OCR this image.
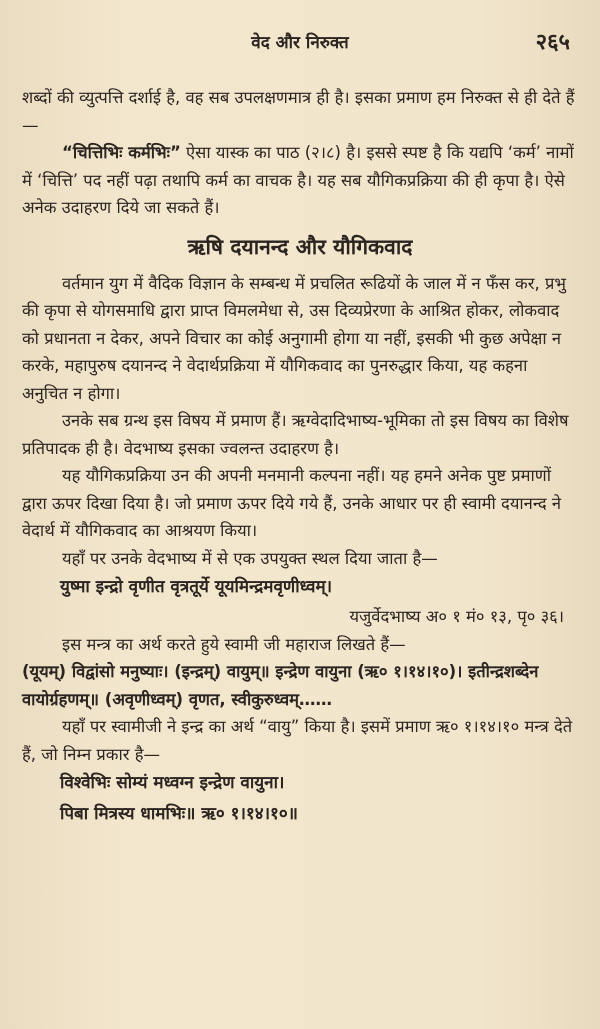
वेद और निरुक्त	२६५

शब्दों की व्युत्पत्ति दर्शाई है, वह सब उपलक्षणमात्र ही है। इसका प्रमाण हम निरुक्त से ही देते हैं—

“चित्तिभिः कर्मभिः” ऐसा यास्क का पाठ (२।८) है। इससे स्पष्ट है कि यद्यपि ‘कर्म’ नामों में ‘चित्ति’ पद नहीं पढ़ा तथापि कर्म का वाचक है। यह सब यौगिकप्रक्रिया की ही कृपा है। ऐसे अनेक उदाहरण दिये जा सकते हैं।

ऋषि दयानन्द और यौगिकवाद

वर्तमान युग में वैदिक विज्ञान के सम्बन्ध में प्रचलित रूढियों के जाल में न फँस कर, प्रभु की कृपा से योगसमाधि द्वारा प्राप्त विमलमेधा से, उस दिव्यप्रेरणा के आश्रित होकर, लोकवाद को प्रधानता न देकर, अपने विचार का कोई अनुगामी होगा या नहीं, इसकी भी कुछ अपेक्षा न करके, महापुरुष दयानन्द ने वेदार्थप्रक्रिया में यौगिकवाद का पुनरुद्धार किया, यह कहना अनुचित न होगा।

उनके सब ग्रन्थ इस विषय में प्रमाण हैं। ऋग्वेदादिभाष्य-भूमिका तो इस विषय का विशेष प्रतिपादक ही है। वेदभाष्य इसका ज्वलन्त उदाहरण है।

यह यौगिकप्रक्रिया उन की अपनी मनमानी कल्पना नहीं। यह हमने अनेक पुष्ट प्रमाणों द्वारा ऊपर दिखा दिया है। जो प्रमाण ऊपर दिये गये हैं, उनके आधार पर ही स्वामी दयानन्द ने वेदार्थ में यौगिकवाद का आश्रयण किया।

यहाँ पर उनके वेदभाष्य में से एक उपयुक्त स्थल दिया जाता है—

युष्मा इन्द्रो वृणीत वृत्रतूर्ये यूयमिन्द्रमवृणीध्वम्।
यजुर्वेदभाष्य अ० १ मं० १३, पृ० ३६।

इस मन्त्र का अर्थ करते हुये स्वामी जी महाराज लिखते हैं—

(यूयम्) विद्वांसो मनुष्याः। (इन्द्रम्) वायुम्॥ इन्द्रेण वायुना (ऋ० १।१४।१०)। इतीन्द्रशब्देन वायोर्ग्रहणम्॥ (अवृणीध्वम्) वृणत, स्वीकुरुध्वम्……

यहाँ पर स्वामीजी ने इन्द्र का अर्थ “वायु” किया है। इसमें प्रमाण ऋ० १।१४।१० मन्त्र देते हैं, जो निम्न प्रकार है—

विश्वेभिः सोम्यं मध्वग्न इन्द्रेण वायुना।
पिबा मित्रस्य धामभिः॥ ऋ० १।१४।१०॥
